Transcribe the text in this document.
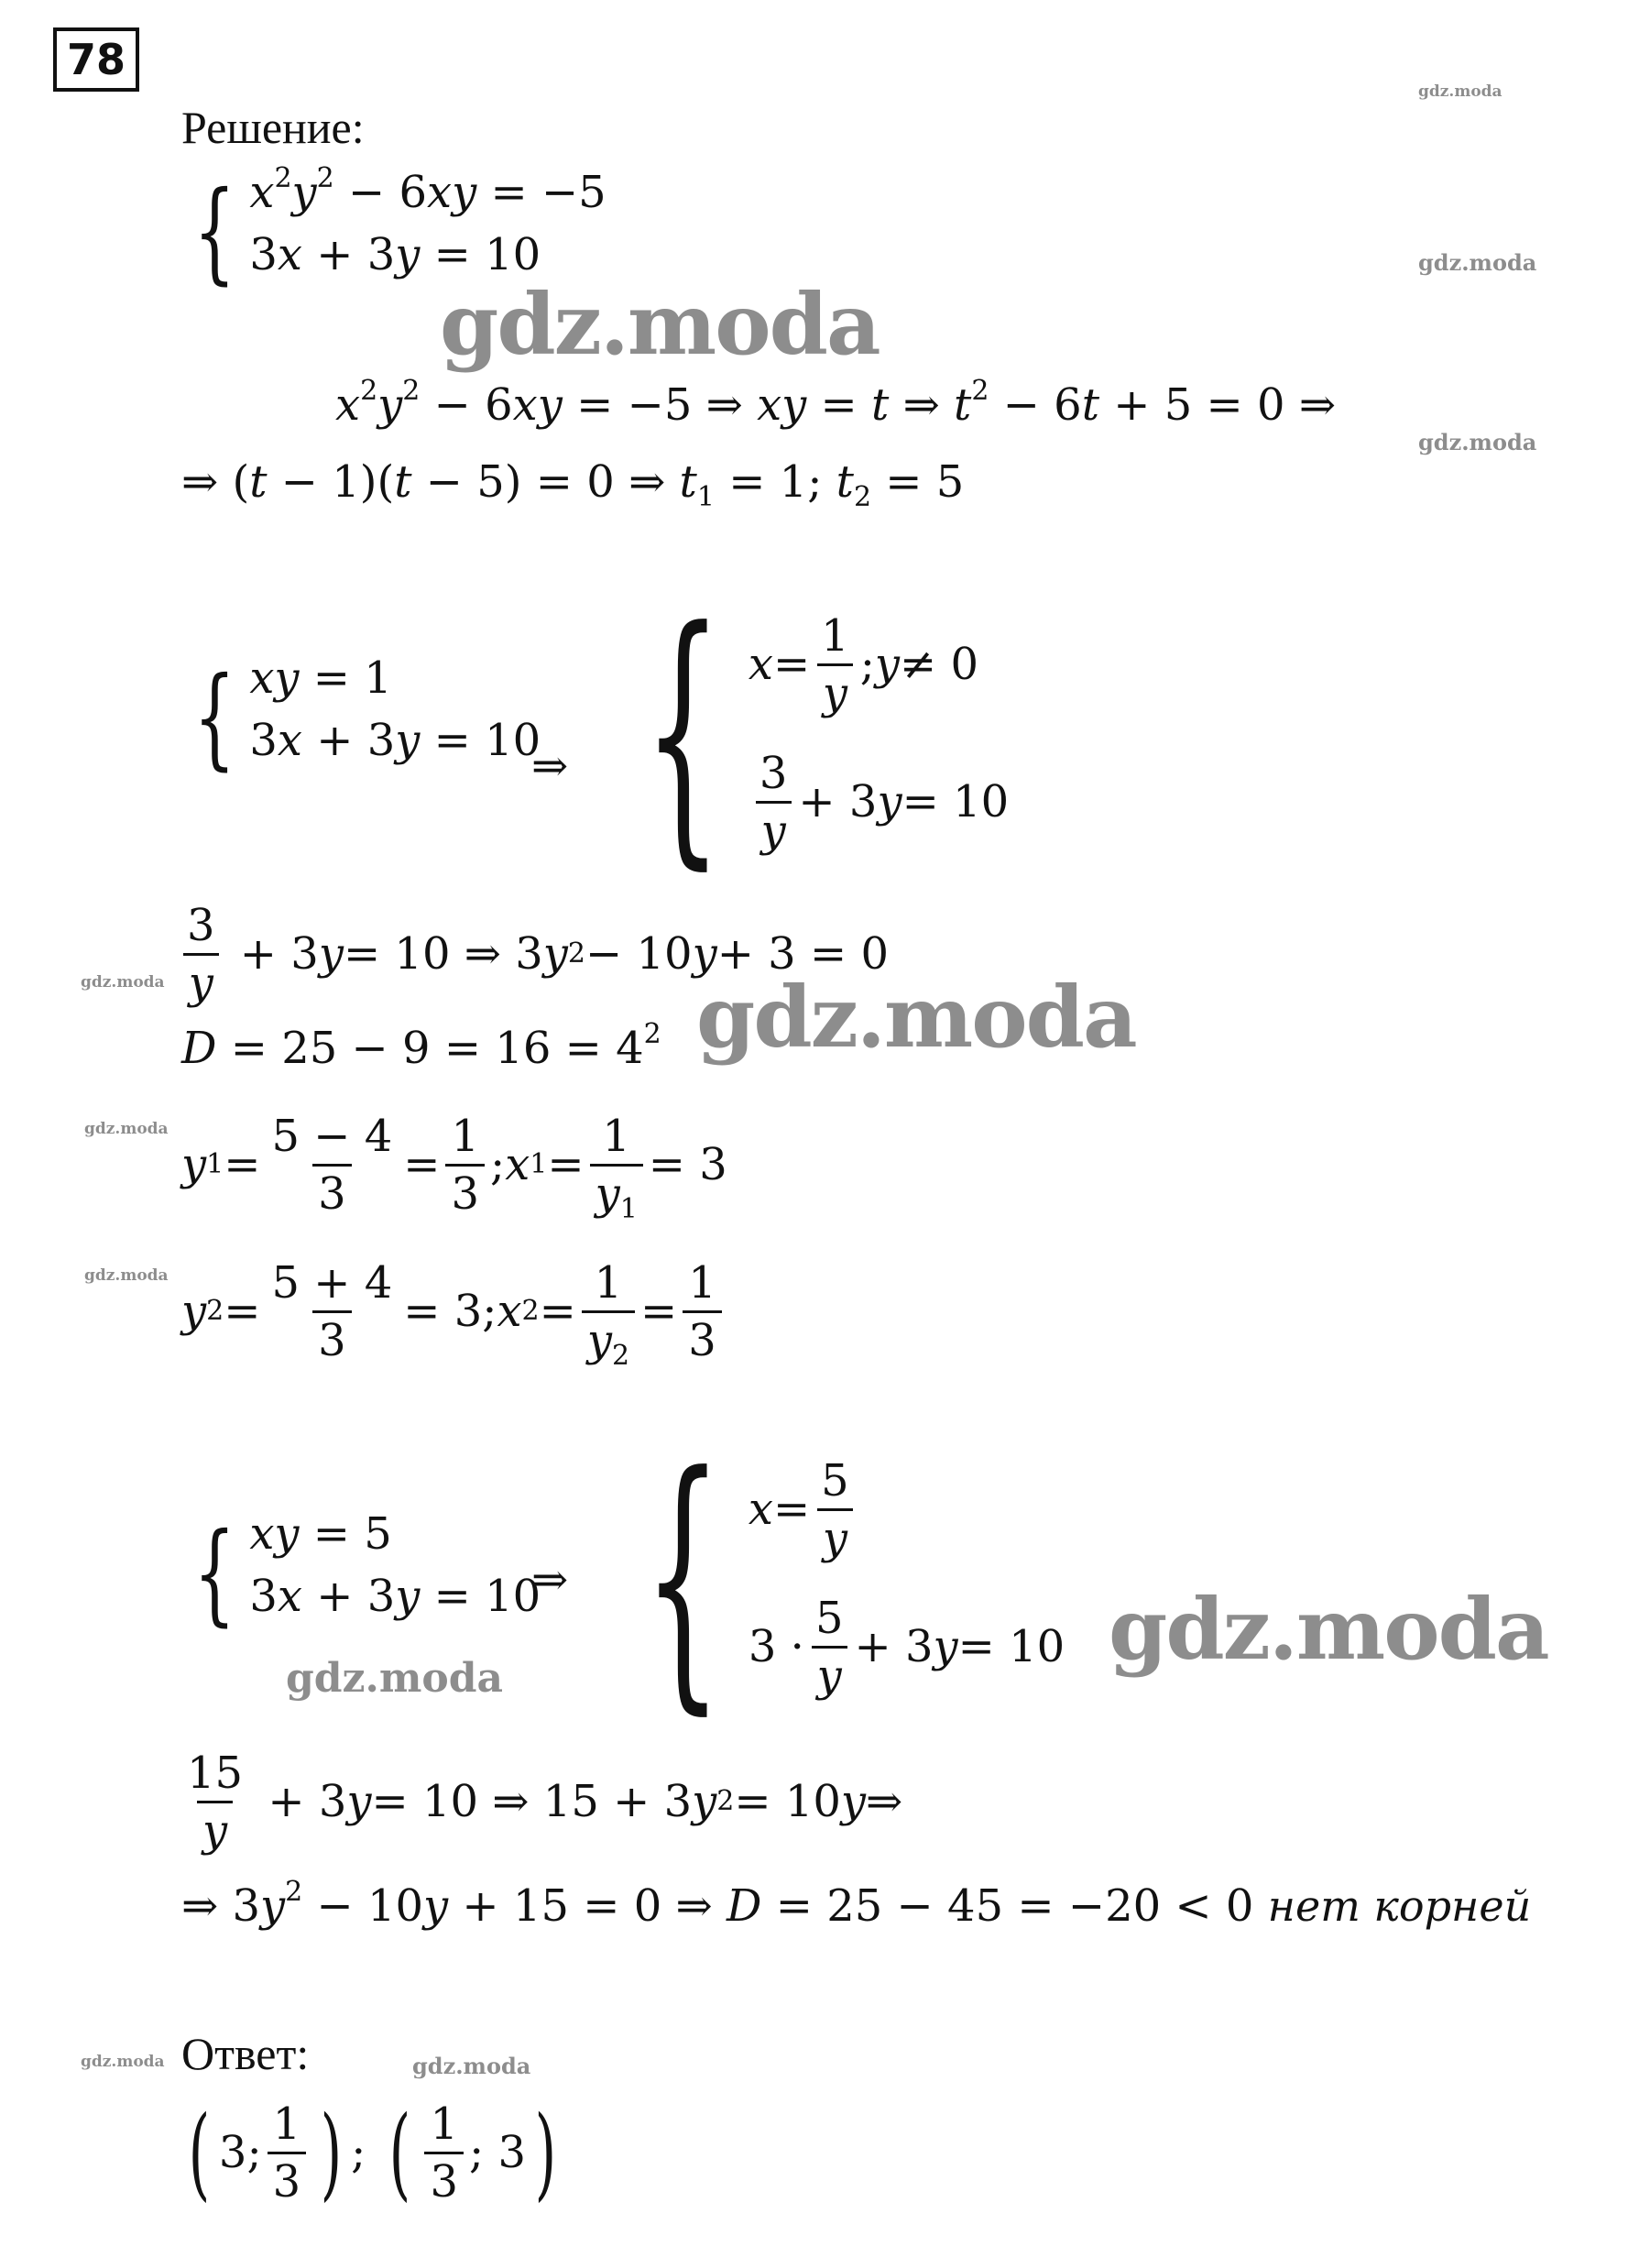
78
Решение:
{ $x^2y^2 - 6xy = -5$
3x + 3y = 10
$x^2y^2 - 6xy = -5$ ⇒ xy = t ⇒ $t^2 - 6t + 5 = 0$ ⇒
⇒ (t − 1)(t − 5) = 0 ⇒ $t_1 = 1$; $t_2 = 5$
{ xy = 1
3x + 3y = 10
⇒ { $x = \frac{1}{y}$ ; y ≠ 0
$\frac{3}{y} + 3$ y = 10
$\frac{3}{y} + 3$ y = 10 ⇒ 3 y 2 − 10 y + 3 = 0
$D = 25 - 9 = 16 = 4^2$
y $1 = \frac{5 - 4}{3} = \frac{1}{3}$ ; x $1 = \frac{1}{y_1} = 3$
y $2 = \frac{5 + 4}{3} = 3$; x $2 = \frac{1}{y_2} = \frac{1}{3}$
{ xy = 5
3x + 3y = 10
⇒ { $x = \frac{5}{y}$
$3 \cdot \frac{5}{y} + 3$ y = 10
$\frac{15}{y} + 3$ y = 10 ⇒ 15 + 3 y 2 = 10 y ⇒
⇒ $3y^2 - 10y + 15 = 0$ ⇒ D = 25 − 45 = −20 < 0 нет корней
Ответ:
( 3; $\frac{1}{3}$ ) ; ( $\frac{1}{3}$ ; 3 )
gdz.moda
gdz.moda
gdz.moda
gdz.moda
gdz.moda
gdz.moda
gdz.moda
gdz.moda
gdz.moda
gdz.moda
gdz.moda
gdz.moda
